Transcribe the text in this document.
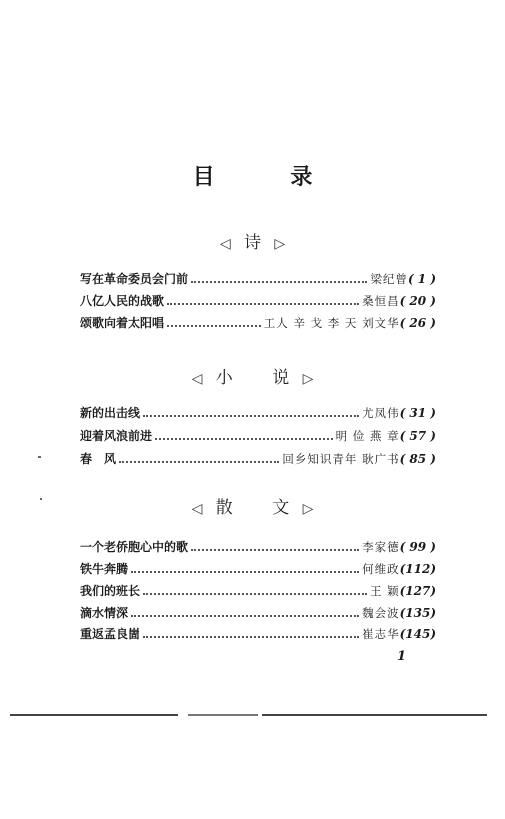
目 录
◁ 诗 ▷
写在革命委员会门前	梁纪曾 ( 1 )
八亿人民的战歌	桑恒昌 ( 20 )
颂歌向着太阳唱	工人 辛 戈 李 天 刘文华 ( 26 )
◁ 小 说 ▷
新的出击线	尤凤伟 ( 31 )
迎着风浪前进	明 俭 燕 章 ( 57 )
春　风	回乡知识青年 耿广书 ( 85 )
◁ 散 文 ▷
一个老侨胞心中的歌	李家德 ( 99 )
铁牛奔腾	何维政 (112)
我们的班长	王 颖 (127)
滴水情深	魏会波 (135)
重返孟良崮	崔志华 (145)
1
